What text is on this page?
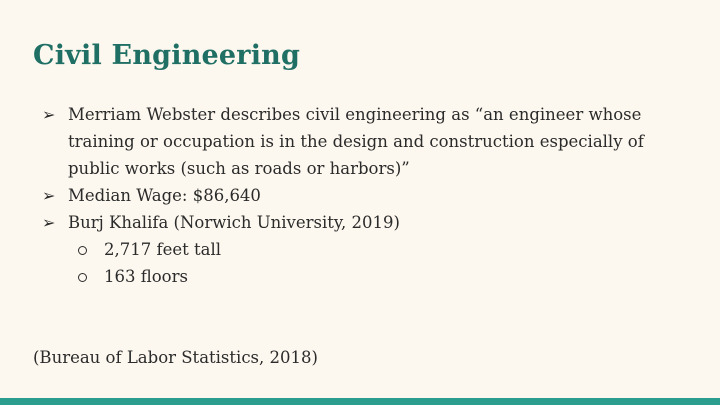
Civil Engineering
➢ Merriam Webster describes civil engineering as “an engineer whose training or occupation is in the design and construction especially of public works (such as roads or harbors)”
➢ Median Wage: $86,640
➢ Burj Khalifa (Norwich University, 2019)
2,717 feet tall
163 floors
(Bureau of Labor Statistics, 2018)
